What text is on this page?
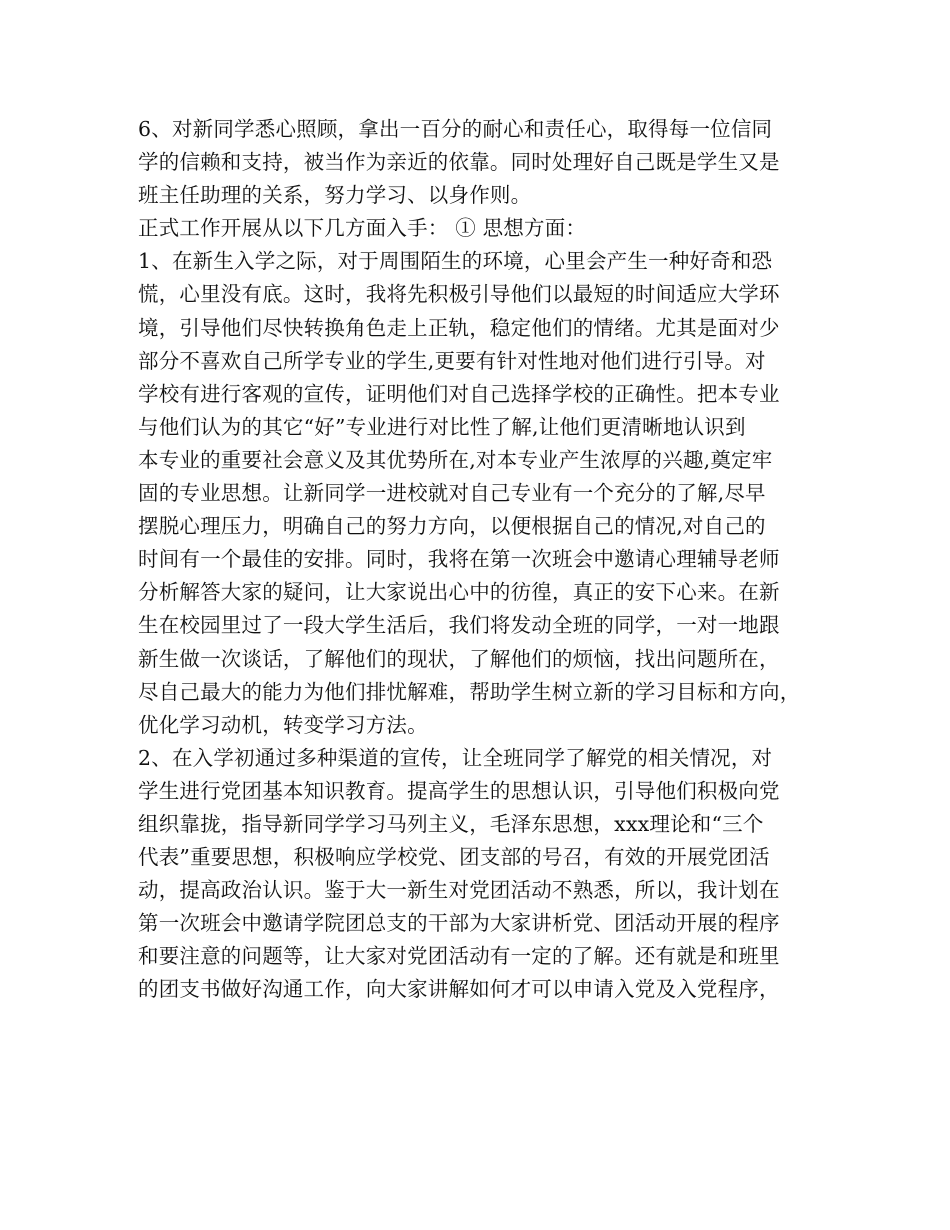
6、对新同学悉心照顾，拿出一百分的耐心和责任心，取得每一位信同
学的信赖和支持，被当作为亲近的依靠。同时处理好自己既是学生又是
班主任助理的关系，努力学习、以身作则。
正式工作开展从以下几方面入手： ① 思想方面：
1、在新生入学之际，对于周围陌生的环境，心里会产生一种好奇和恐
慌，心里没有底。这时，我将先积极引导他们以最短的时间适应大学环
境，引导他们尽快转换角色走上正轨，稳定他们的情绪。尤其是面对少
部分不喜欢自己所学专业的学生,更要有针对性地对他们进行引导。对
学校有进行客观的宣传，证明他们对自己选择学校的正确性。把本专业
与他们认为的其它“好”专业进行对比性了解,让他们更清晰地认识到
本专业的重要社会意义及其优势所在,对本专业产生浓厚的兴趣,奠定牢
固的专业思想。让新同学一进校就对自己专业有一个充分的了解,尽早
摆脱心理压力，明确自己的努力方向，以便根据自己的情况,对自己的
时间有一个最佳的安排。同时，我将在第一次班会中邀请心理辅导老师
分析解答大家的疑问，让大家说出心中的彷徨，真正的安下心来。在新
生在校园里过了一段大学生活后，我们将发动全班的同学，一对一地跟
新生做一次谈话，了解他们的现状，了解他们的烦恼，找出问题所在，
尽自己最大的能力为他们排忧解难，帮助学生树立新的学习目标和方向，
优化学习动机，转变学习方法。
2、在入学初通过多种渠道的宣传，让全班同学了解党的相关情况，对
学生进行党团基本知识教育。提高学生的思想认识，引导他们积极向党
组织靠拢，指导新同学学习马列主义，毛泽东思想，xxx理论和“三个
代表”重要思想，积极响应学校党、团支部的号召，有效的开展党团活
动，提高政治认识。鉴于大一新生对党团活动不熟悉，所以，我计划在
第一次班会中邀请学院团总支的干部为大家讲析党、团活动开展的程序
和要注意的问题等，让大家对党团活动有一定的了解。还有就是和班里
的团支书做好沟通工作，向大家讲解如何才可以申请入党及入党程序，
